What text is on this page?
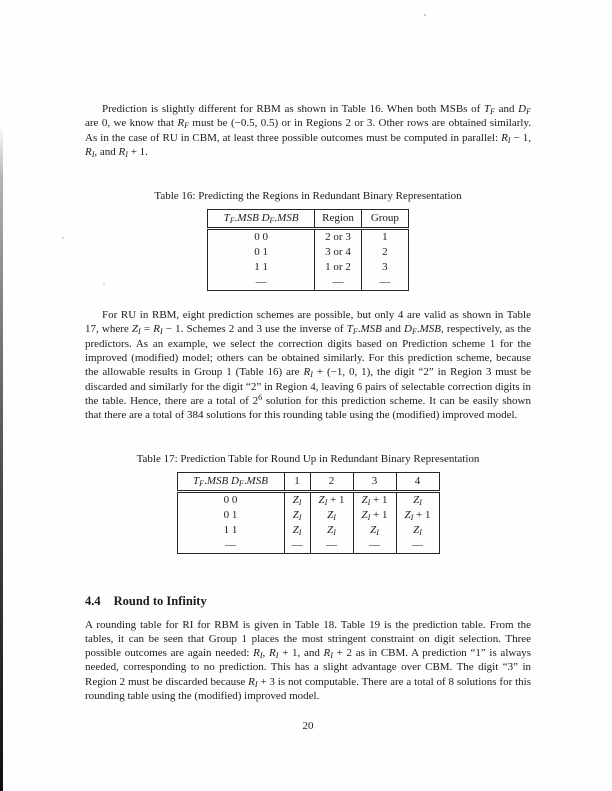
Prediction is slightly different for RBM as shown in Table 16. When both MSBs of $T_F$ and $D_F$ are 0, we know that $R_F$ must be (−0.5, 0.5) or in Regions 2 or 3. Other rows are obtained similarly. As in the case of RU in CBM, at least three possible outcomes must be computed in parallel: $R_I - 1$, $R_I$, and $R_I + 1$.

Table 16: Predicting the Regions in Redundant Binary Representation
$T_F.MSB$ $D_F.MSB$	Region	Group
0 0	2 or 3	1
0 1	3 or 4	2
1 1	1 or 2	3
—	—	—

For RU in RBM, eight prediction schemes are possible, but only 4 are valid as shown in Table 17, where $Z_I = R_I - 1$. Schemes 2 and 3 use the inverse of $T_F.MSB$ and $D_F.MSB$, respectively, as the predictors. As an example, we select the correction digits based on Prediction scheme 1 for the improved (modified) model; others can be obtained similarly. For this prediction scheme, because the allowable results in Group 1 (Table 16) are $R_I + (-1$, 0, 1), the digit “2” in Region 3 must be discarded and similarly for the digit “2” in Region 4, leaving 6 pairs of selectable correction digits in the table. Hence, there are a total of $2^6$ solution for this prediction scheme. It can be easily shown that there are a total of 384 solutions for this rounding table using the (modified) improved model.

Table 17: Prediction Table for Round Up in Redundant Binary Representation
$T_F.MSB$ $D_F.MSB$	1	2	3	4
0 0	$Z_I$	$Z_I + 1$	$Z_I + 1$	$Z_I$
0 1	$Z_I$	$Z_I$	$Z_I + 1$	$Z_I + 1$
1 1	$Z_I$	$Z_I$	$Z_I$	$Z_I$
—	—	—	—	—
4.4 Round to Infinity

A rounding table for RI for RBM is given in Table 18. Table 19 is the prediction table. From the tables, it can be seen that Group 1 places the most stringent constraint on digit selection. Three possible outcomes are again needed: $R_I$, $R_I + 1$, and $R_I + 2$ as in CBM. A prediction “1” is always needed, corresponding to no prediction. This has a slight advantage over CBM. The digit “3” in Region 2 must be discarded because $R_I + 3$ is not computable. There are a total of 8 solutions for this rounding table using the (modified) improved model.

20
